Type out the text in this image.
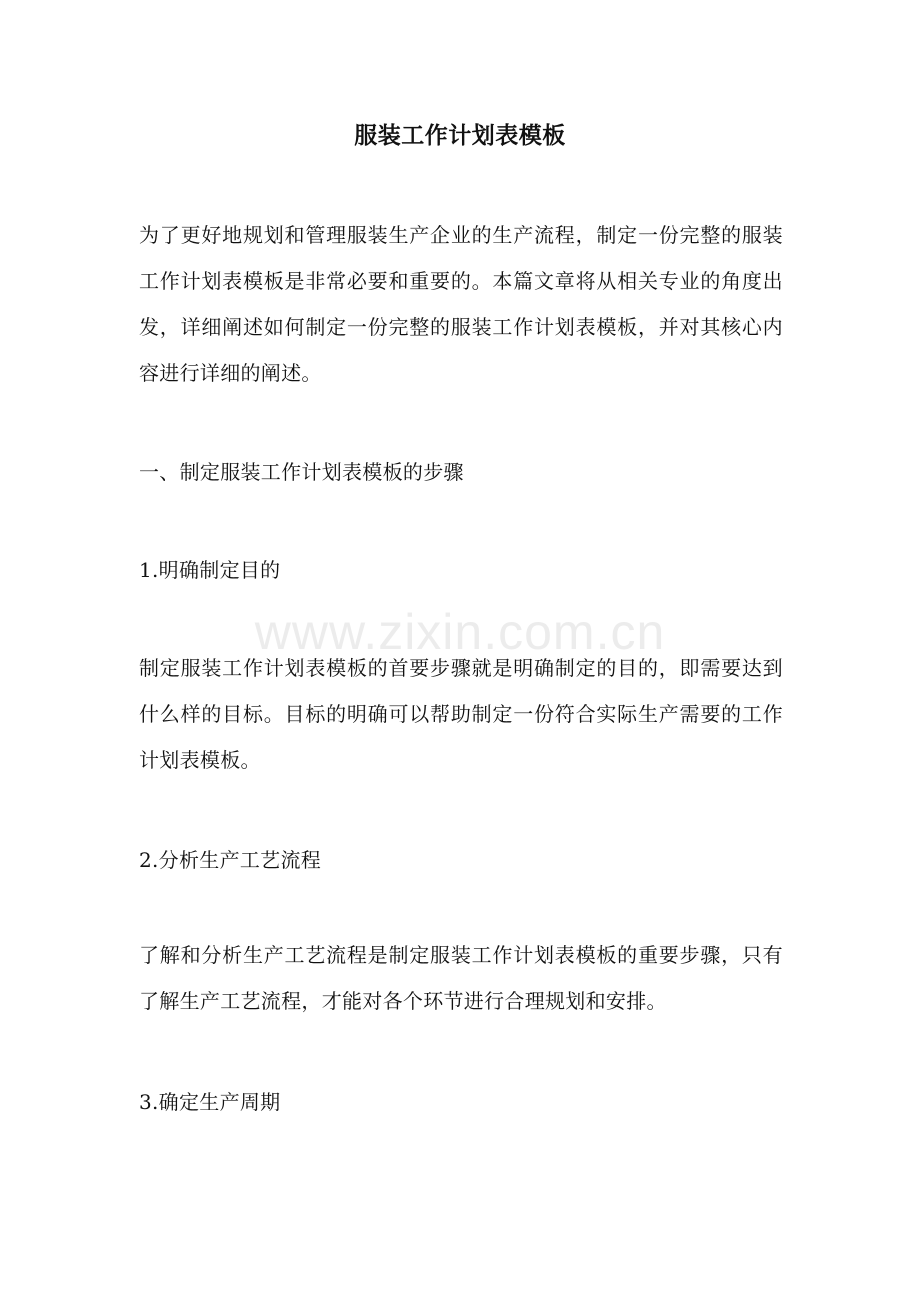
服装工作计划表模板
为了更好地规划和管理服装生产企业的生产流程，制定一份完整的服装工作计划表模板是非常必要和重要的。本篇文章将从相关专业的角度出发，详细阐述如何制定一份完整的服装工作计划表模板，并对其核心内容进行详细的阐述。
一、制定服装工作计划表模板的步骤
1.明确制定目的
制定服装工作计划表模板的首要步骤就是明确制定的目的，即需要达到什么样的目标。目标的明确可以帮助制定一份符合实际生产需要的工作计划表模板。
2.分析生产工艺流程
了解和分析生产工艺流程是制定服装工作计划表模板的重要步骤，只有了解生产工艺流程，才能对各个环节进行合理规划和安排。
3.确定生产周期
www.zixin.com.cn
